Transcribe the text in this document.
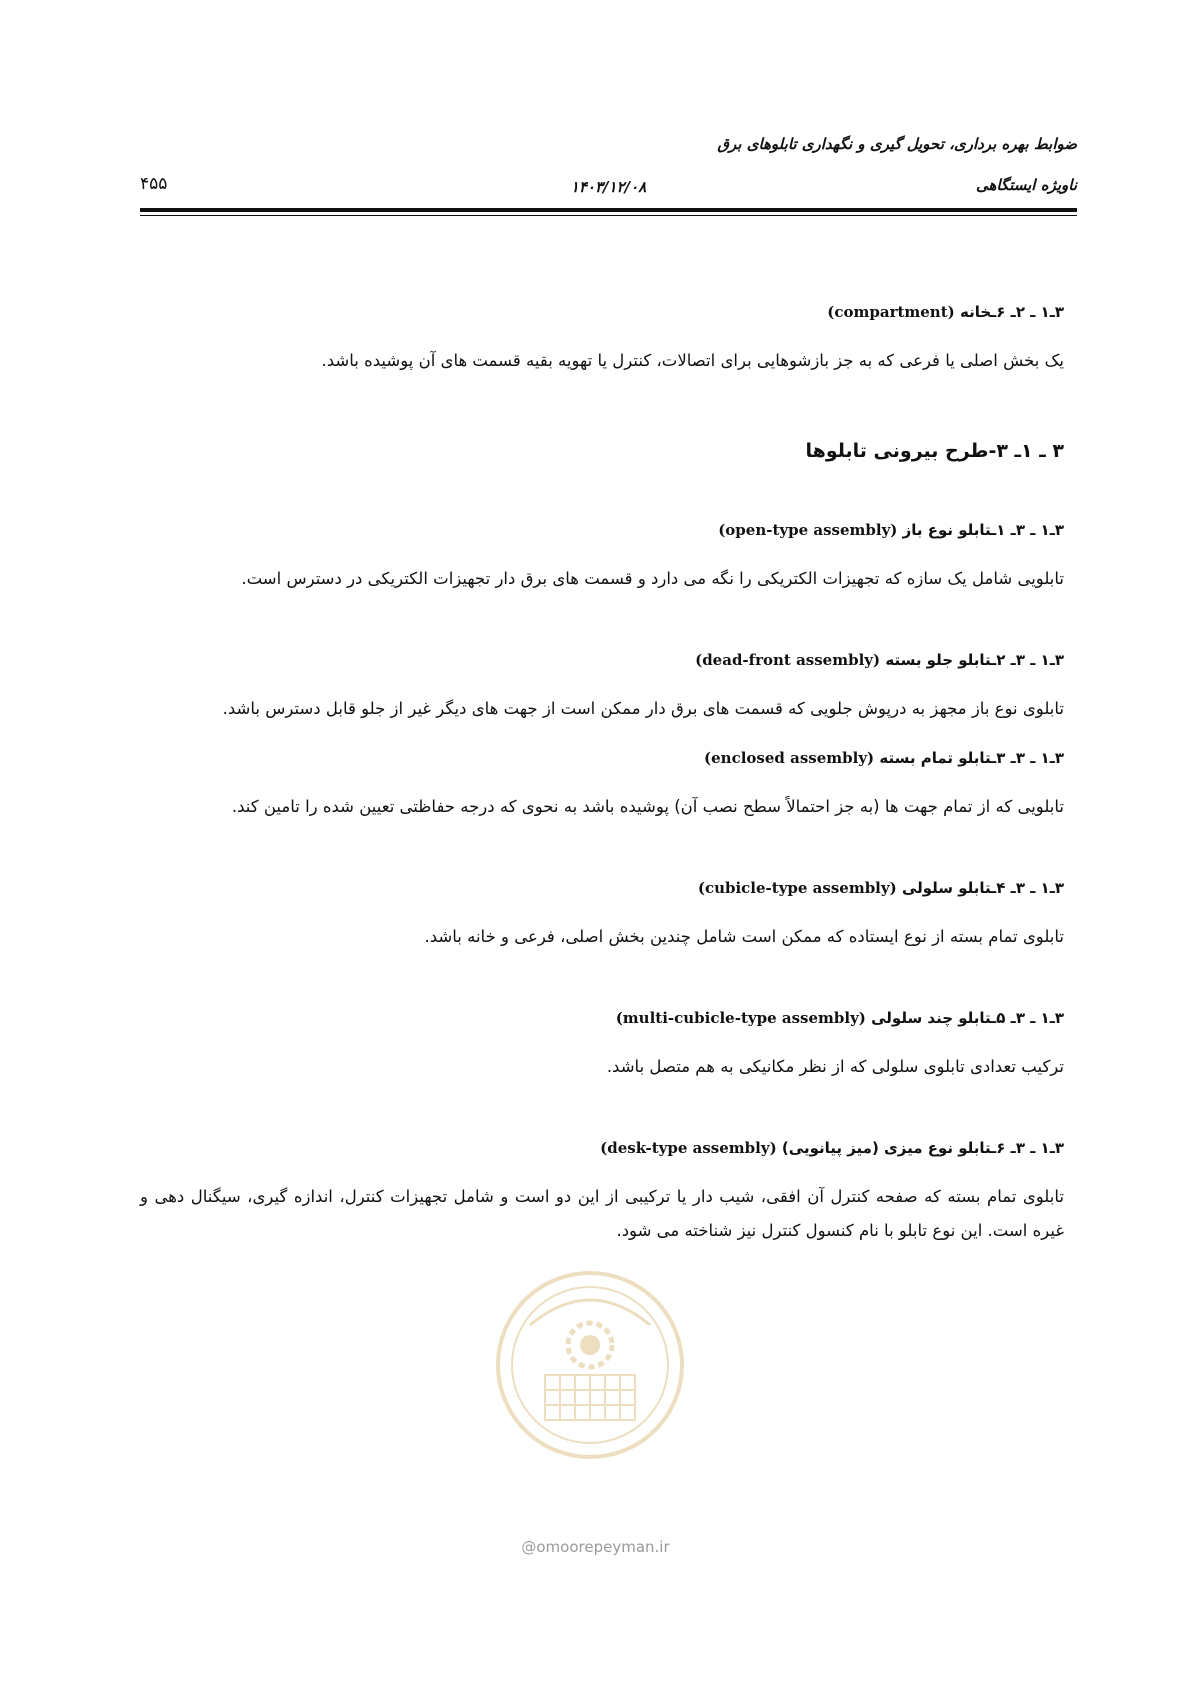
ضوابط بهره برداری، تحویل گیری و نگهداری تابلوهای برق
ناویژه ایستگاهی
۱۴۰۳/۱۲/۰۸
۴۵۵

۳ـ۱ ـ ۲ـ ۶ـخانه (compartment)

یک بخش اصلی یا فرعی که به جز بازشوهایی برای اتصالات، کنترل یا تهویه بقیه قسمت های آن پوشیده باشد.

۳ ـ ۱ـ ۳-طرح بیرونی تابلوها

۳ـ۱ ـ ۳ـ ۱ـتابلو نوع باز (open-type assembly)

تابلویی شامل یک سازه که تجهیزات الکتریکی را نگه می دارد و قسمت های برق دار تجهیزات الکتریکی در دسترس است.

۳ـ۱ ـ ۳ـ ۲ـتابلو جلو بسته (dead-front assembly)

تابلوی نوع باز مجهز به درپوش جلویی که قسمت های برق دار ممکن است از جهت های دیگر غیر از جلو قابل دسترس باشد.

۳ـ۱ ـ ۳ـ ۳ـتابلو تمام بسته (enclosed assembly)

تابلویی که از تمام جهت ها (به جز احتمالاً سطح نصب آن) پوشیده باشد به نحوی که درجه حفاظتی تعیین شده را تامین کند.

۳ـ۱ ـ ۳ـ ۴ـتابلو سلولی (cubicle-type assembly)

تابلوی تمام بسته از نوع ایستاده که ممکن است شامل چندین بخش اصلی، فرعی و خانه باشد.

۳ـ۱ ـ ۳ـ ۵ـتابلو چند سلولی (multi-cubicle-type assembly)

ترکیب تعدادی تابلوی سلولی که از نظر مکانیکی به هم متصل باشد.

۳ـ۱ ـ ۳ـ ۶ـتابلو نوع میزی (میز پیانویی) (desk-type assembly)

تابلوی تمام بسته که صفحه کنترل آن افقی، شیب دار یا ترکیبی از این دو است و شامل تجهیزات کنترل، اندازه گیری، سیگنال دهی و غیره است. این نوع تابلو با نام کنسول کنترل نیز شناخته می شود.

@omoorepeyman.ir
